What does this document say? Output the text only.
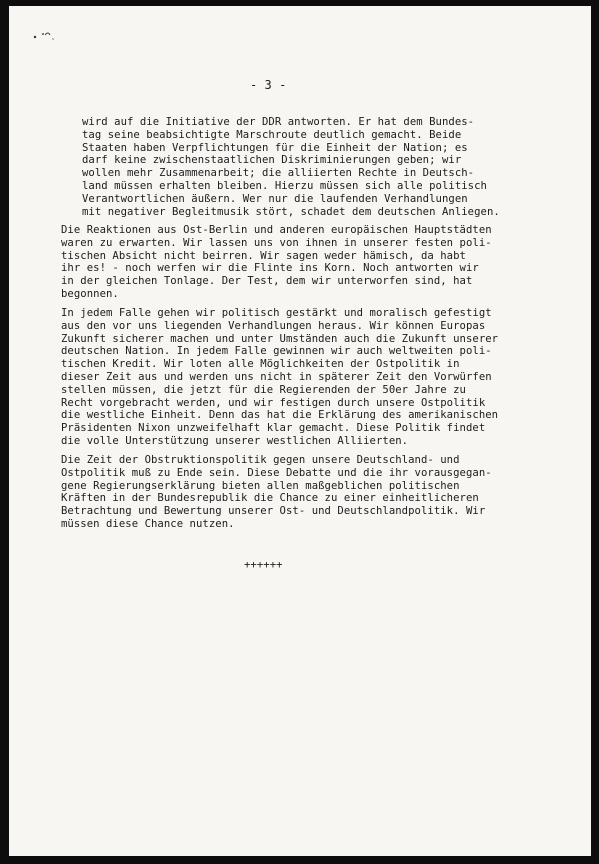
- 3 -

wird auf die Initiative der DDR antworten. Er hat dem Bundes-
tag seine beabsichtigte Marschroute deutlich gemacht. Beide
Staaten haben Verpflichtungen für die Einheit der Nation; es
darf keine zwischenstaatlichen Diskriminierungen geben; wir
wollen mehr Zusammenarbeit; die alliierten Rechte in Deutsch-
land müssen erhalten bleiben. Hierzu müssen sich alle politisch
Verantwortlichen äußern. Wer nur die laufenden Verhandlungen
mit negativer Begleitmusik stört, schadet dem deutschen Anliegen.

Die Reaktionen aus Ost-Berlin und anderen europäischen Hauptstädten
waren zu erwarten. Wir lassen uns von ihnen in unserer festen poli-
tischen Absicht nicht beirren. Wir sagen weder hämisch, da habt
ihr es! - noch werfen wir die Flinte ins Korn. Noch antworten wir
in der gleichen Tonlage. Der Test, dem wir unterworfen sind, hat
begonnen.

In jedem Falle gehen wir politisch gestärkt und moralisch gefestigt
aus den vor uns liegenden Verhandlungen heraus. Wir können Europas
Zukunft sicherer machen und unter Umständen auch die Zukunft unserer
deutschen Nation. In jedem Falle gewinnen wir auch weltweiten poli-
tischen Kredit. Wir loten alle Möglichkeiten der Ostpolitik in
dieser Zeit aus und werden uns nicht in späterer Zeit den Vorwürfen
stellen müssen, die jetzt für die Regierenden der 50er Jahre zu
Recht vorgebracht werden, und wir festigen durch unsere Ostpolitik
die westliche Einheit. Denn das hat die Erklärung des amerikanischen
Präsidenten Nixon unzweifelhaft klar gemacht. Diese Politik findet
die volle Unterstützung unserer westlichen Alliierten.

Die Zeit der Obstruktionspolitik gegen unsere Deutschland- und
Ostpolitik muß zu Ende sein. Diese Debatte und die ihr vorausgegan-
gene Regierungserklärung bieten allen maßgeblichen politischen
Kräften in der Bundesrepublik die Chance zu einer einheitlicheren
Betrachtung und Bewertung unserer Ost- und Deutschlandpolitik. Wir
müssen diese Chance nutzen.

++++++
